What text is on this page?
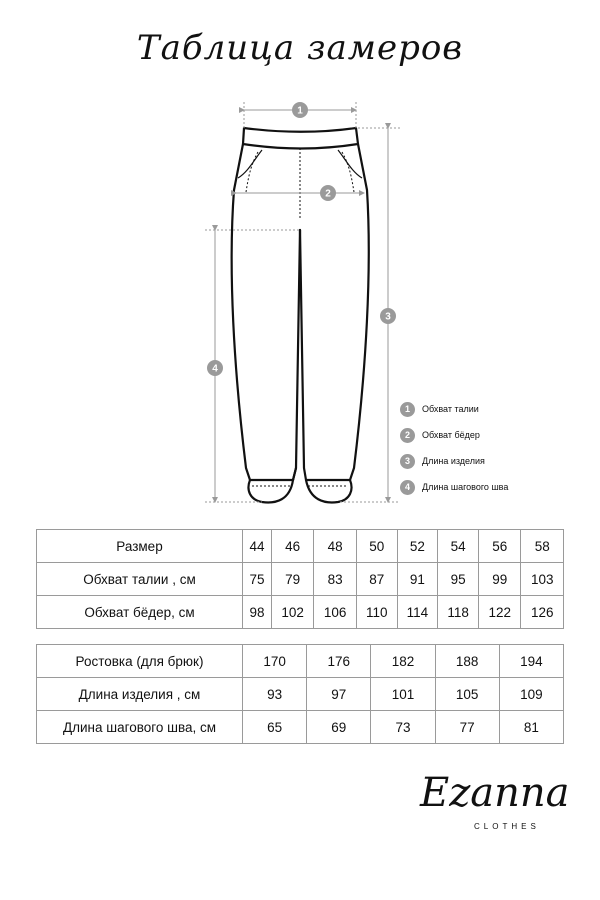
Таблица замеров
1
2
3
4
1	Обхват талии
2	Обхват бёдер
3	Длина изделия
4	Длина шагового шва
Размер	44	46	48	50	52	54	56	58
Обхват талии , см	75	79	83	87	91	95	99	103
Обхват бёдер, см	98	102	106	110	114	118	122	126
Ростовка (для брюк)	170	176	182	188	194
Длина изделия , см	93	97	101	105	109
Длина шагового шва, см	65	69	73	77	81
Ezanna
CLOTHES
